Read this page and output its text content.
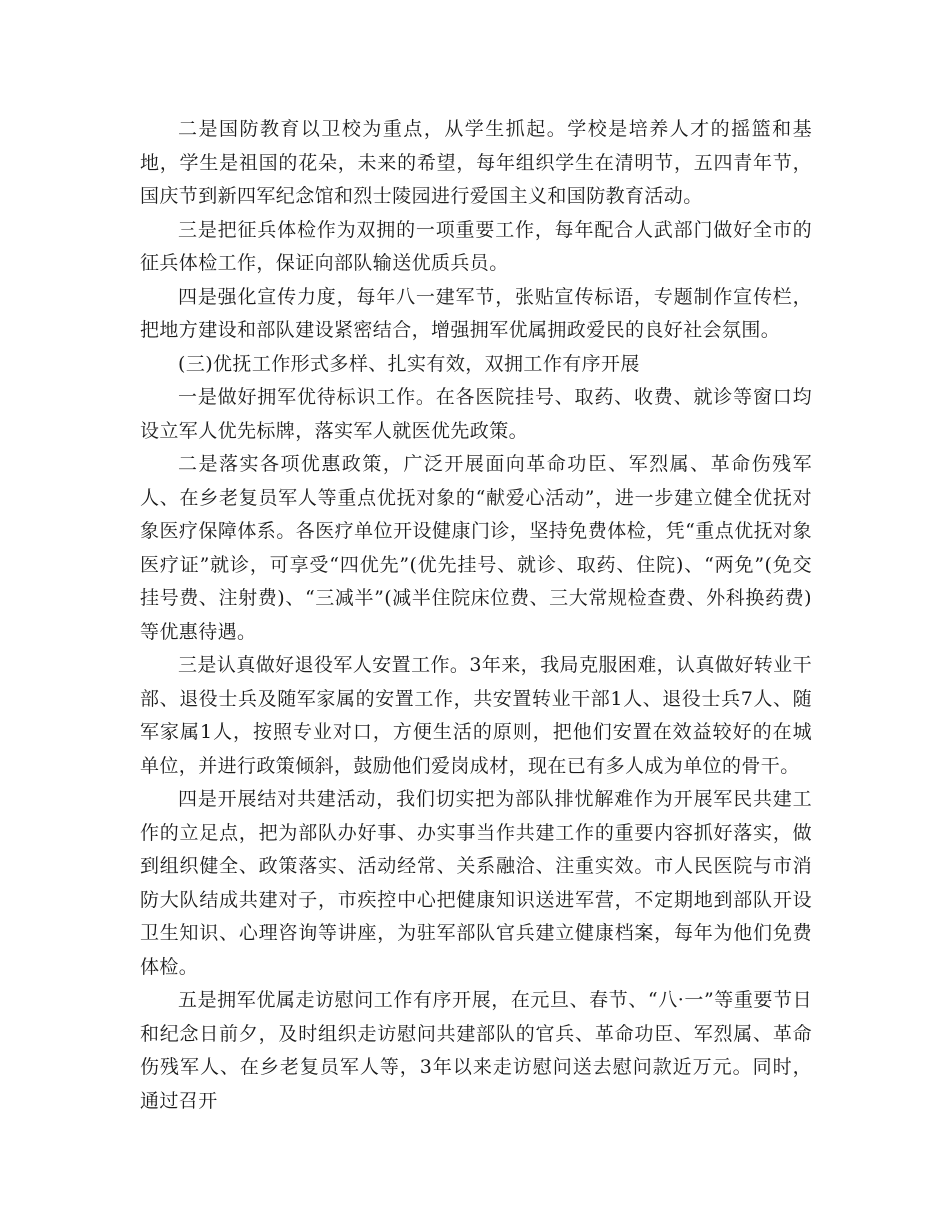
二是国防教育以卫校为重点，从学生抓起。学校是培养人才的摇篮和基地，学生是祖国的花朵，未来的希望，每年组织学生在清明节，五四青年节，国庆节到新四军纪念馆和烈士陵园进行爱国主义和国防教育活动。

三是把征兵体检作为双拥的一项重要工作，每年配合人武部门做好全市的征兵体检工作，保证向部队输送优质兵员。

四是强化宣传力度，每年八一建军节，张贴宣传标语，专题制作宣传栏，把地方建设和部队建设紧密结合，增强拥军优属拥政爱民的良好社会氛围。

(三)优抚工作形式多样、扎实有效，双拥工作有序开展

一是做好拥军优待标识工作。在各医院挂号、取药、收费、就诊等窗口均设立军人优先标牌，落实军人就医优先政策。

二是落实各项优惠政策，广泛开展面向革命功臣、军烈属、革命伤残军人、在乡老复员军人等重点优抚对象的“献爱心活动”，进一步建立健全优抚对象医疗保障体系。各医疗单位开设健康门诊，坚持免费体检，凭“重点优抚对象医疗证”就诊，可享受“四优先”(优先挂号、就诊、取药、住院)、“两免”(免交挂号费、注射费)、“三减半”(减半住院床位费、三大常规检查费、外科换药费)等优惠待遇。

三是认真做好退役军人安置工作。3年来，我局克服困难，认真做好转业干部、退役士兵及随军家属的安置工作，共安置转业干部1人、退役士兵7人、随军家属1人，按照专业对口，方便生活的原则，把他们安置在效益较好的在城单位，并进行政策倾斜，鼓励他们爱岗成材，现在已有多人成为单位的骨干。

四是开展结对共建活动，我们切实把为部队排忧解难作为开展军民共建工作的立足点，把为部队办好事、办实事当作共建工作的重要内容抓好落实，做到组织健全、政策落实、活动经常、关系融洽、注重实效。市人民医院与市消防大队结成共建对子，市疾控中心把健康知识送进军营，不定期地到部队开设卫生知识、心理咨询等讲座，为驻军部队官兵建立健康档案，每年为他们免费体检。

五是拥军优属走访慰问工作有序开展，在元旦、春节、“八·一”等重要节日和纪念日前夕，及时组织走访慰问共建部队的官兵、革命功臣、军烈属、革命伤残军人、在乡老复员军人等，3年以来走访慰问送去慰问款近万元。同时，通过召开
